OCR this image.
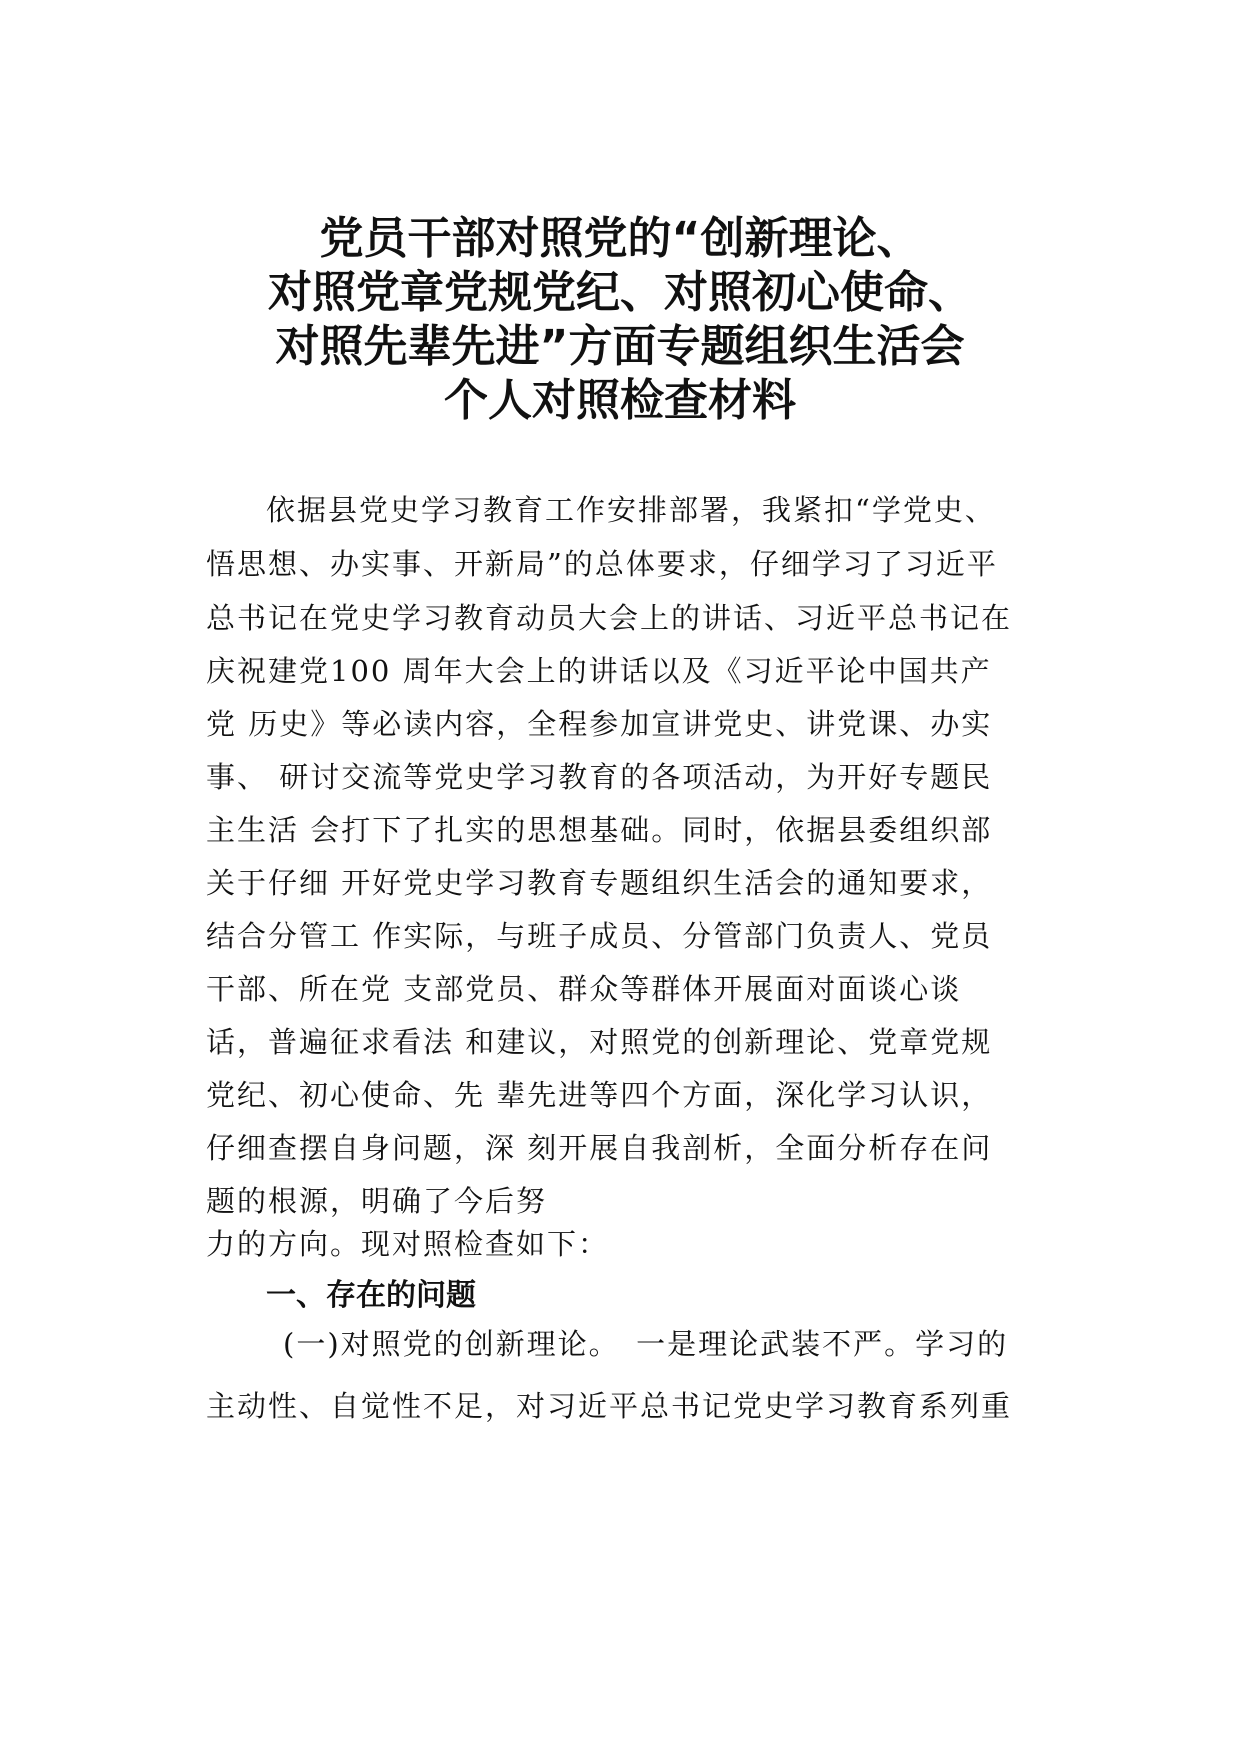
党员干部对照党的“创新理论、
对照党章党规党纪、对照初心使命、
对照先辈先进”方面专题组织生活会
个人对照检查材料
依据县党史学习教育工作安排部署，我紧扣“学党史、
悟思想、办实事、开新局”的总体要求，仔细学习了习近平
总书记在党史学习教育动员大会上的讲话、习近平总书记在
庆祝建党100 周年大会上的讲话以及《习近平论中国共产
党 历史》等必读内容，全程参加宣讲党史、讲党课、办实
事、 研讨交流等党史学习教育的各项活动，为开好专题民
主生活 会打下了扎实的思想基础。同时，依据县委组织部
关于仔细 开好党史学习教育专题组织生活会的通知要求，
结合分管工 作实际，与班子成员、分管部门负责人、党员
干部、所在党 支部党员、群众等群体开展面对面谈心谈
话，普遍征求看法 和建议，对照党的创新理论、党章党规
党纪、初心使命、先 辈先进等四个方面，深化学习认识，
仔细查摆自身问题，深 刻开展自我剖析，全面分析存在问
题的根源，明确了今后努
力的方向。现对照检查如下：
一、存在的问题
(一)对照党的创新理论。　一是理论武装不严。学习的
主动性、自觉性不足，对习近平总书记党史学习教育系列重
